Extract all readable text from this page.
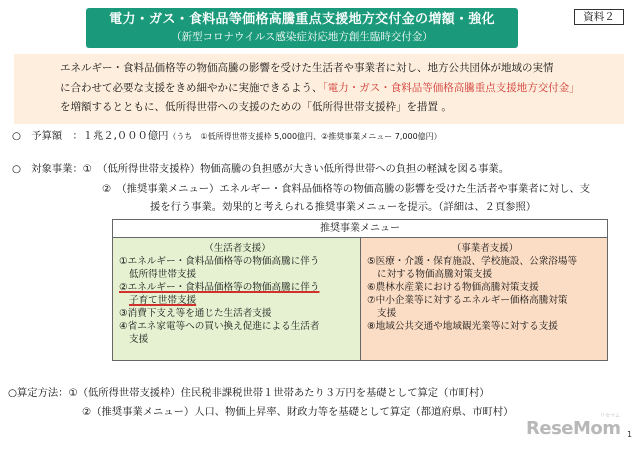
電力・ガス・食料品等価格高騰重点支援地方交付金の増額・強化
（新型コロナウイルス感染症対応地方創生臨時交付金）
資料２
エネルギー・食料品価格等の物価高騰の影響を受けた生活者や事業者に対し、地方公共団体が地域の実情
に合わせて必要な支援をきめ細やかに実施できるよう、「電力・ガス・食料品等価格高騰重点支援地方交付金」
を増額するとともに、低所得世帯への支援のための「低所得世帯支援枠」を措置 。
○　予算額　：１兆２,０００億円（うち　①低所得世帯支援枠 5,000億円、②推奨事業メニュー 7,000億円）
○　対象事業：①　（低所得世帯支援枠）物価高騰の負担感が大きい低所得世帯への負担の軽減を図る事業。
②　（推奨事業メニュー）エネルギー・食料品価格等の物価高騰の影響を受けた生活者や事業者に対し、支
援を行う事業。効果的と考えられる推奨事業メニューを提示。（詳細は、２頁参照）
推奨事業メニュー
（生活者支援）
①エネルギー・食料品価格等の物価高騰に伴う
低所得世帯支援
②エネルギー・食料品価格等の物価高騰に伴う
子育て世帯支援
③消費下支え等を通じた生活者支援
④省エネ家電等への買い換え促進による生活者
支援
（事業者支援）
⑤医療・介護・保育施設、学校施設、公衆浴場等
に対する物価高騰対策支援
⑥農林水産業における物価高騰対策支援
⑦中小企業等に対するエネルギー価格高騰対策
支援
⑧地域公共交通や地域観光業等に対する支援
○算定方法：①（低所得世帯支援枠）住民税非課税世帯１世帯あたり３万円を基礎として算定（市町村）
②（推奨事業メニュー）人口、物価上昇率、財政力等を基礎として算定（都道府県、市町村）	リセマム
ReseMom 1
